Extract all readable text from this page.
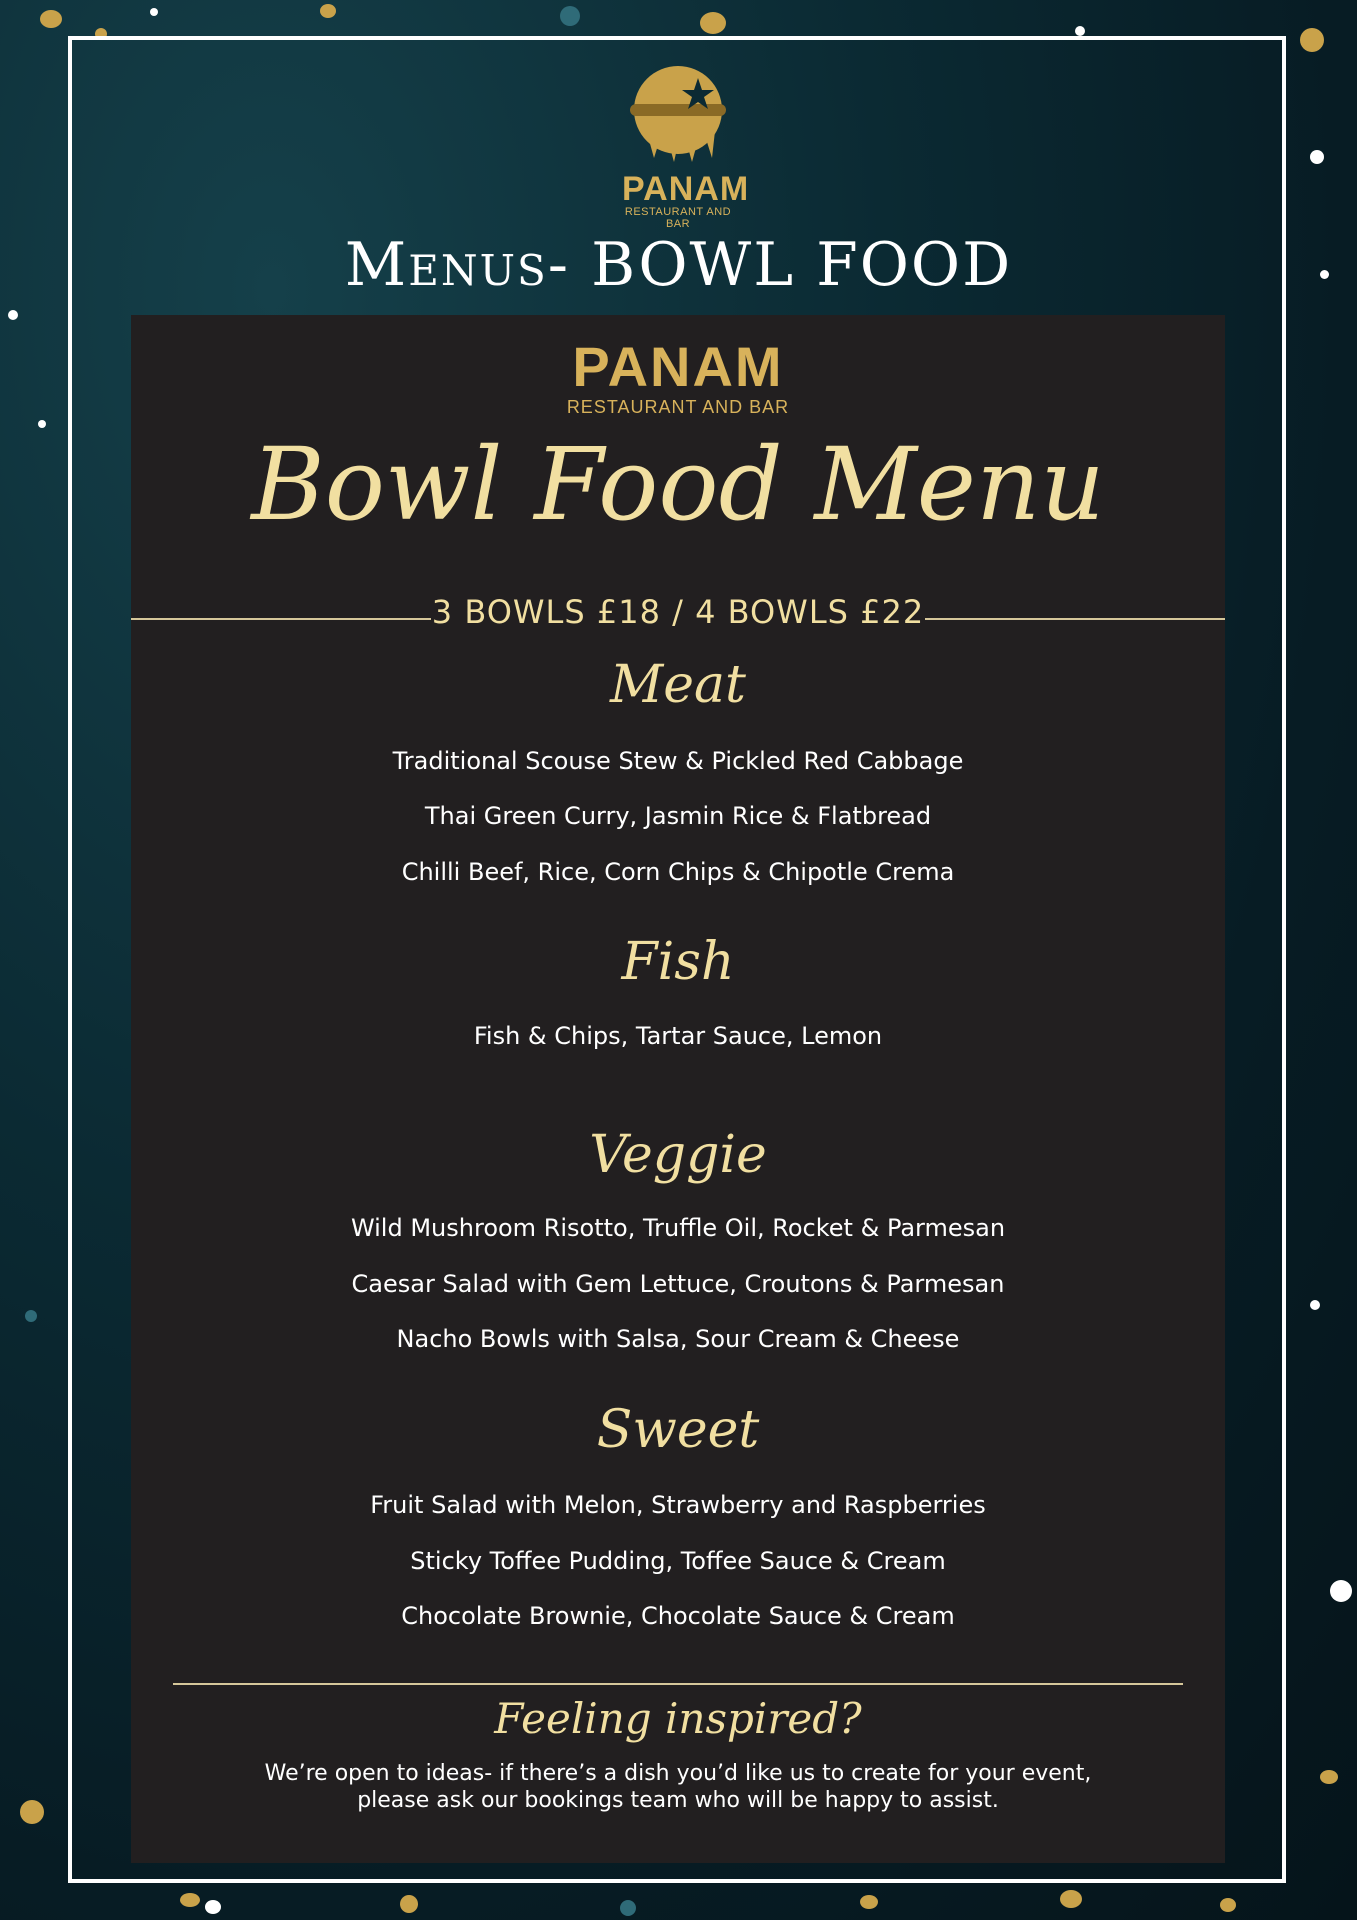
PANAM
RESTAURANT AND BAR
Menus- BOWL FOOD
PANAM
RESTAURANT AND BAR
Bowl Food Menu
3 BOWLS £18 / 4 BOWLS £22
Meat
Traditional Scouse Stew & Pickled Red Cabbage
Thai Green Curry, Jasmin Rice & Flatbread
Chilli Beef, Rice, Corn Chips & Chipotle Crema
Fish
Fish & Chips, Tartar Sauce, Lemon
Veggie
Wild Mushroom Risotto, Truffle Oil, Rocket & Parmesan
Caesar Salad with Gem Lettuce, Croutons & Parmesan
Nacho Bowls with Salsa, Sour Cream & Cheese
Sweet
Fruit Salad with Melon, Strawberry and Raspberries
Sticky Toffee Pudding, Toffee Sauce & Cream
Chocolate Brownie, Chocolate Sauce & Cream
Feeling inspired?
We’re open to ideas- if there’s a dish you’d like us to create for your event,
please ask our bookings team who will be happy to assist.
